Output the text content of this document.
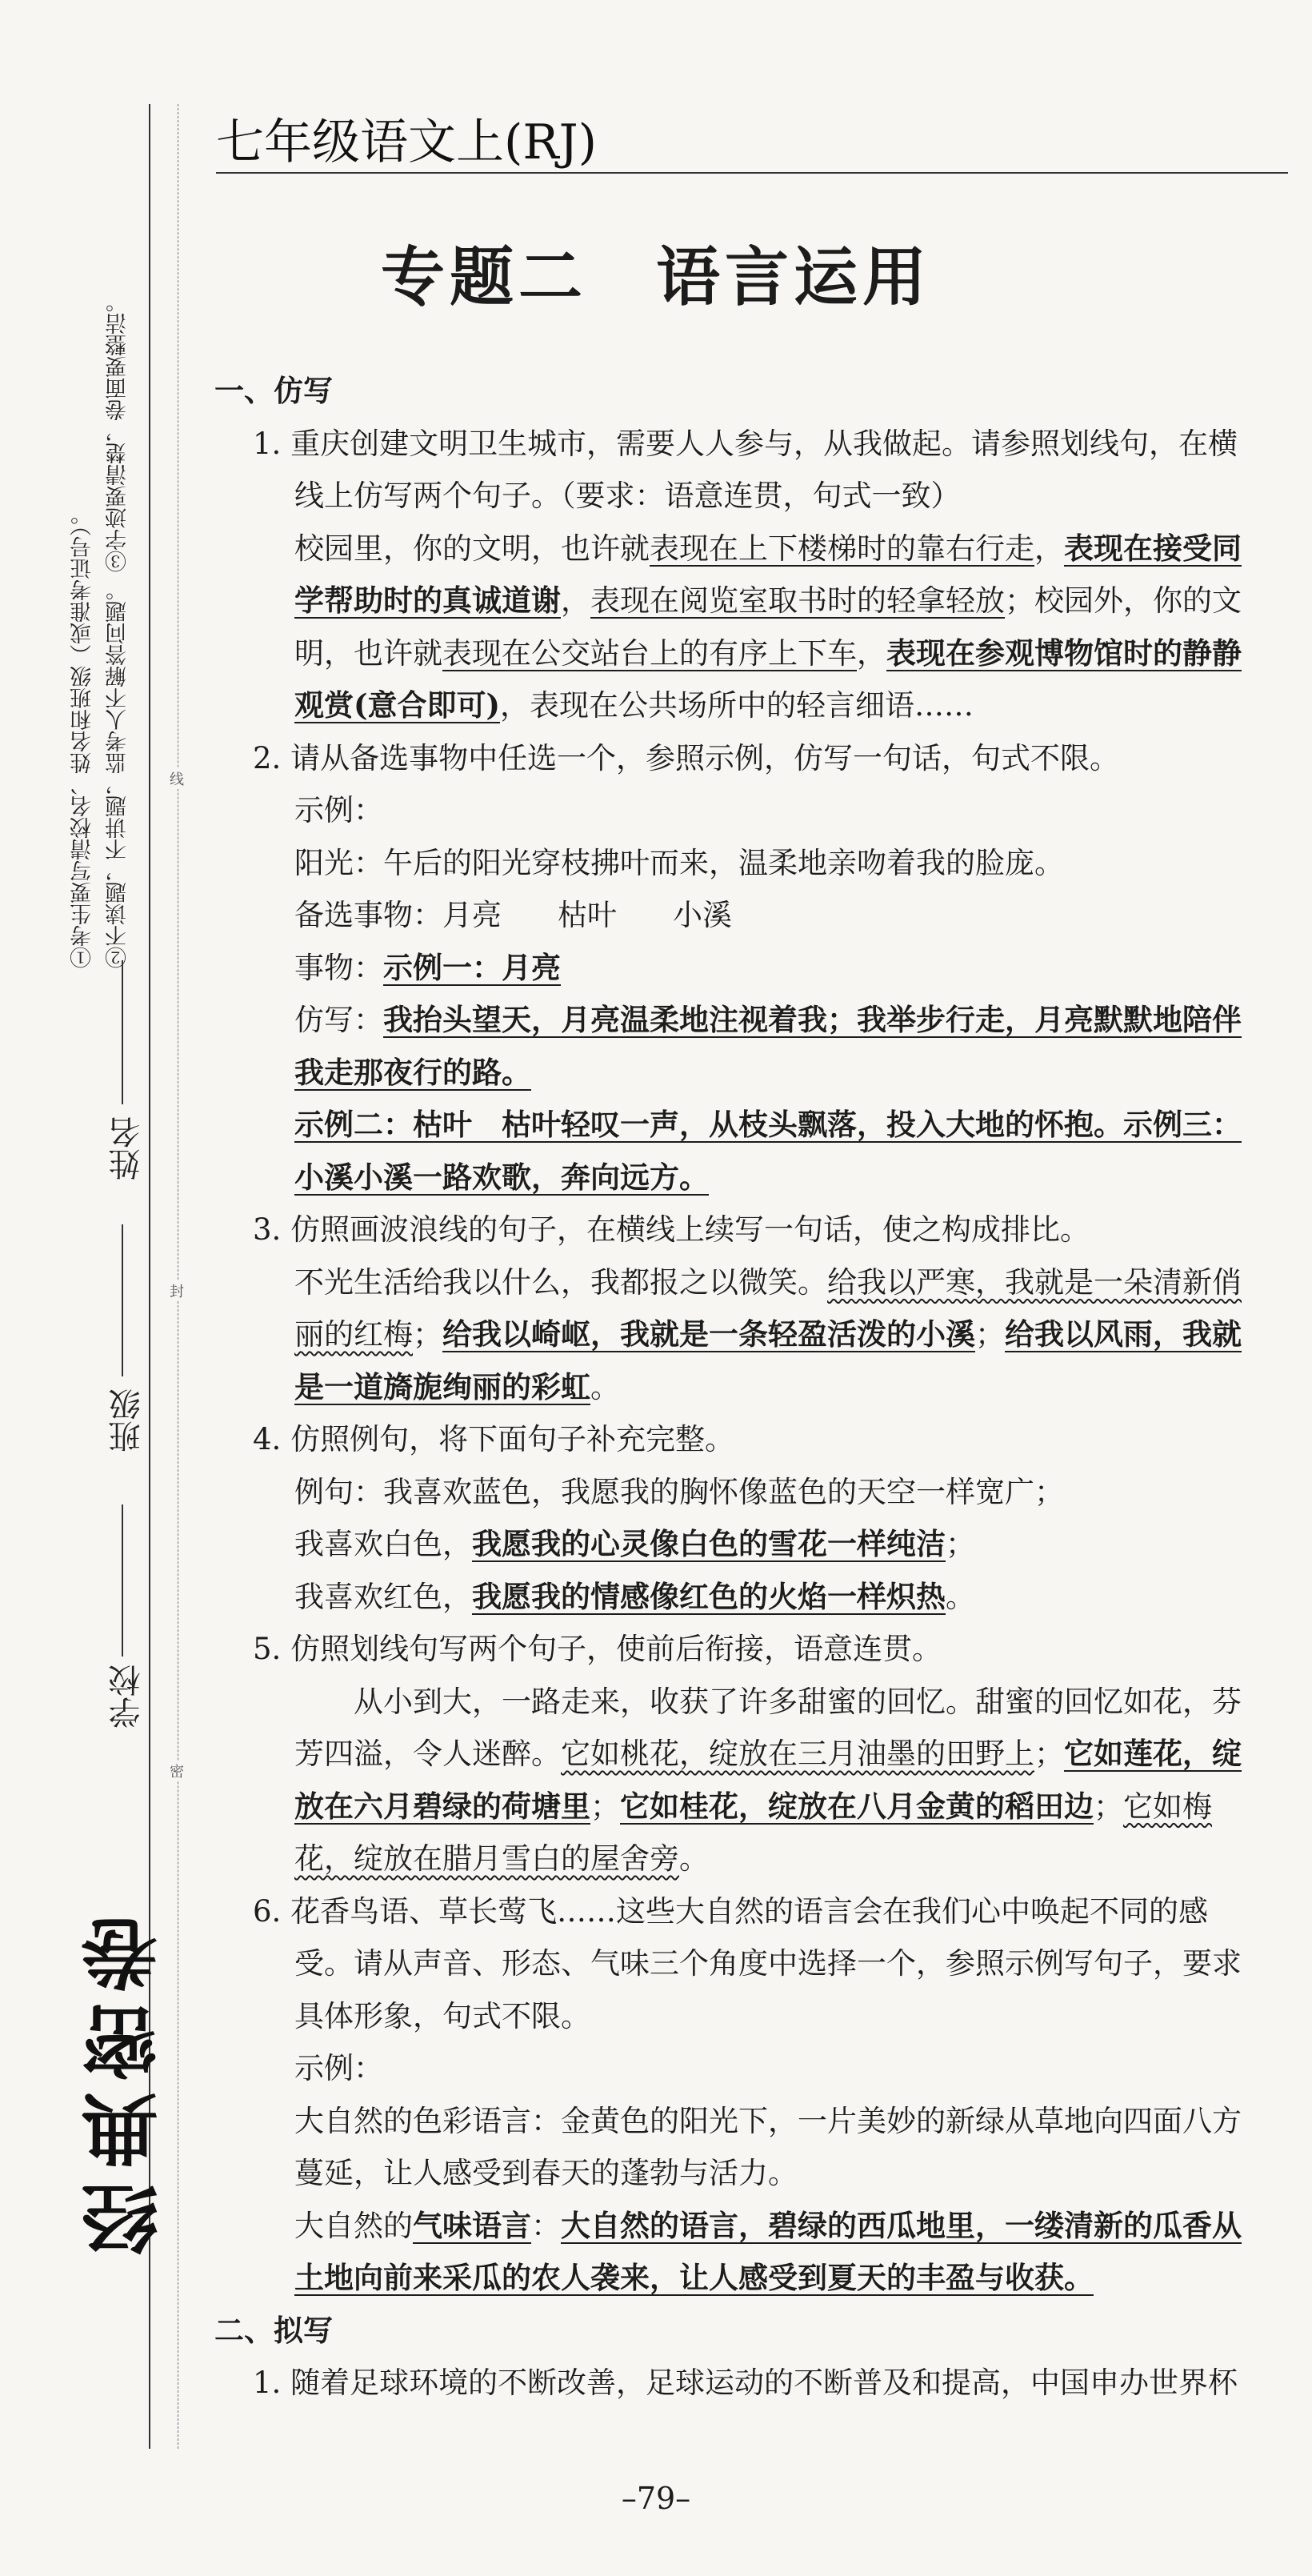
①考生要写清校名、姓名和班级（或准考证号）。 ②不读题，不讲题，监考人不解答问题。 ③字迹要清楚，卷面要整洁。
姓名
班级
学校
线
封
密
经典密卷
七年级语文上(RJ)
专题二　语言运用
一、仿写
1. 重庆创建文明卫生城市，需要人人参与，从我做起。请参照划线句，在横
线上仿写两个句子。（要求：语意连贯，句式一致）
校园里，你的文明，也许就表现在上下楼梯时的靠右行走，表现在接受同学帮助时的真诚道谢，表现在阅览室取书时的轻拿轻放；校园外，你的文明，也许就表现在公交站台上的有序上下车，表现在参观博物馆时的静静观赏(意合即可)，表现在公共场所中的轻言细语……
2. 请从备选事物中任选一个，参照示例，仿写一句话，句式不限。
示例：
阳光：午后的阳光穿枝拂叶而来，温柔地亲吻着我的脸庞。
备选事物：月亮 枯叶 小溪
事物：示例一：月亮
仿写：我抬头望天，月亮温柔地注视着我；我举步行走，月亮默默地陪伴我走那夜行的路。
示例二：枯叶　枯叶轻叹一声，从枝头飘落，投入大地的怀抱。示例三：小溪小溪一路欢歌，奔向远方。
3. 仿照画波浪线的句子，在横线上续写一句话，使之构成排比。
不光生活给我以什么，我都报之以微笑。给我以严寒，我就是一朵清新俏丽的红梅；给我以崎岖，我就是一条轻盈活泼的小溪；给我以风雨，我就是一道旖旎绚丽的彩虹。
4. 仿照例句，将下面句子补充完整。
例句：我喜欢蓝色，我愿我的胸怀像蓝色的天空一样宽广；
我喜欢白色，我愿我的心灵像白色的雪花一样纯洁；
我喜欢红色，我愿我的情感像红色的火焰一样炽热。
5. 仿照划线句写两个句子，使前后衔接，语意连贯。
从小到大，一路走来，收获了许多甜蜜的回忆。甜蜜的回忆如花，芬芳四溢，令人迷醉。它如桃花，绽放在三月油墨的田野上；它如莲花，绽放在六月碧绿的荷塘里；它如桂花，绽放在八月金黄的稻田边；它如梅花，绽放在腊月雪白的屋舍旁。
6. 花香鸟语、草长莺飞……这些大自然的语言会在我们心中唤起不同的感受。请从声音、形态、气味三个角度中选择一个，参照示例写句子，要求具体形象，句式不限。
示例：
大自然的色彩语言：金黄色的阳光下，一片美妙的新绿从草地向四面八方蔓延，让人感受到春天的蓬勃与活力。
大自然的气味语言：大自然的语言，碧绿的西瓜地里，一缕清新的瓜香从土地向前来采瓜的农人袭来，让人感受到夏天的丰盈与收获。
二、拟写
1. 随着足球环境的不断改善，足球运动的不断普及和提高，中国申办世界杯
–79–
